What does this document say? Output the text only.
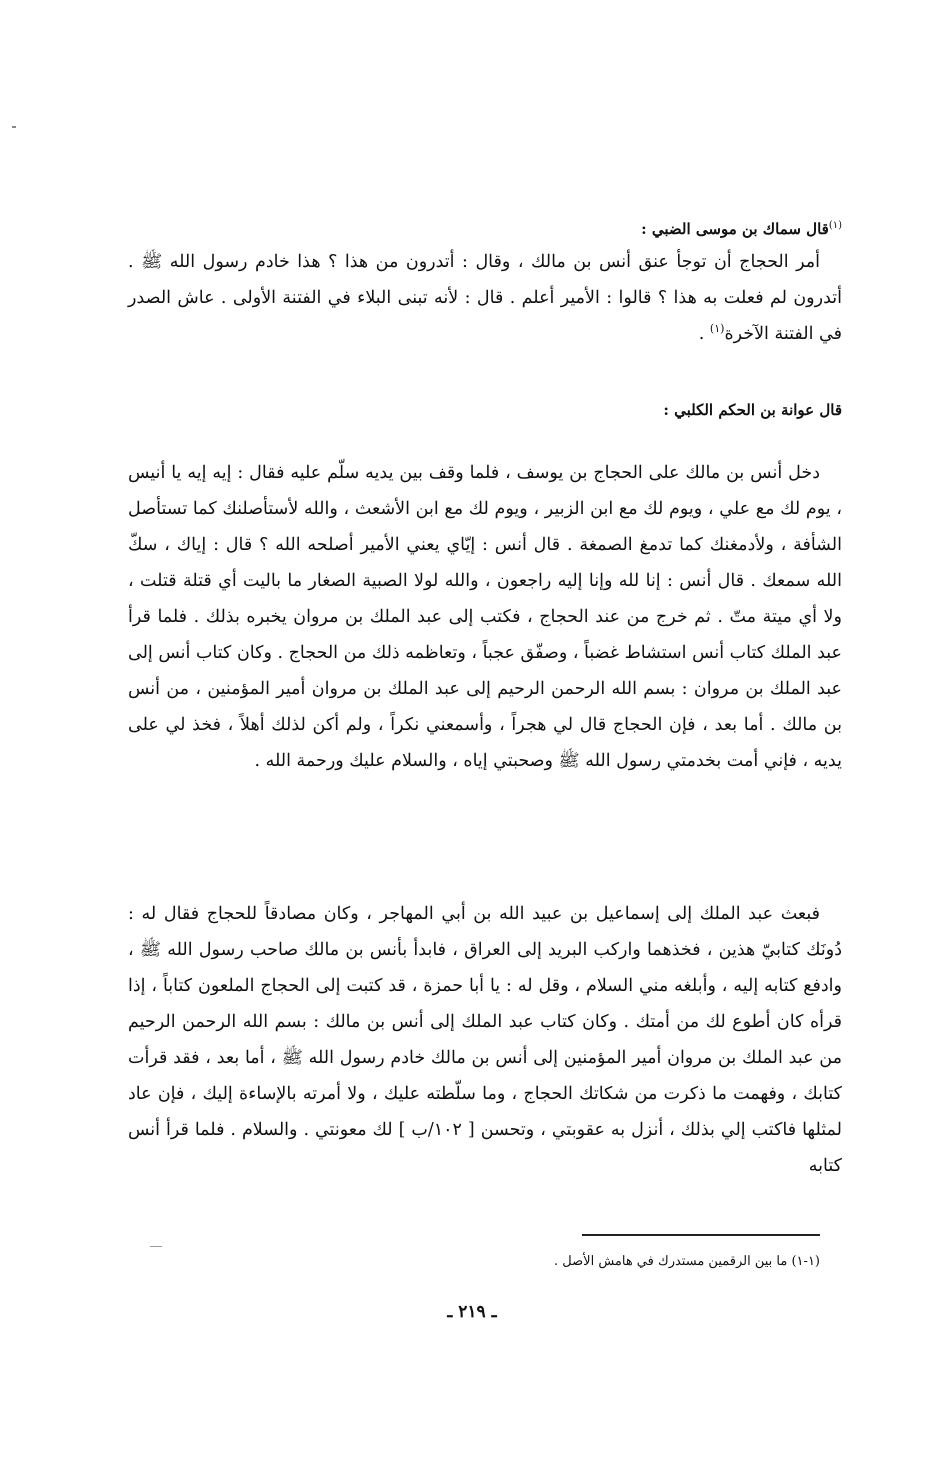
$^{(١)}$قال سماك بن موسى الضبي :

أمر الحجاج أن توجأ عنق أنس بن مالك ، وقال : أتدرون من هذا ؟ هذا خادم رسول الله ﷺ . أتدرون لم فعلت به هذا ؟ قالوا : الأمير أعلم . قال : لأنه تبنى البلاء في الفتنة الأولى . عاش الصدر في الفتنة الآخرة$^{(١)}$ .

قال عوانة بن الحكم الكلبي :

دخل أنس بن مالك على الحجاج بن يوسف ، فلما وقف بين يديه سلّم عليه فقال : إيه إيه يا أنيس ، يوم لك مع علي ، ويوم لك مع ابن الزبير ، ويوم لك مع ابن الأشعث ، والله لأستأصلنك كما تستأصل الشأفة ، ولأدمغنك كما تدمغ الصمغة . قال أنس : إيّاي يعني الأمير أصلحه الله ؟ قال : إياك ، سكّ الله سمعك . قال أنس : إنا لله وإنا إليه راجعون ، والله لولا الصبية الصغار ما باليت أي قتلة قتلت ، ولا أي ميتة متّ . ثم خرج من عند الحجاج ، فكتب إلى عبد الملك بن مروان يخبره بذلك . فلما قرأ عبد الملك كتاب أنس استشاط غضباً ، وصفّق عجباً ، وتعاظمه ذلك من الحجاج . وكان كتاب أنس إلى عبد الملك بن مروان : بسم الله الرحمن الرحيم إلى عبد الملك بن مروان أمير المؤمنين ، من أنس بن مالك . أما بعد ، فإن الحجاج قال لي هجراً ، وأسمعني نكراً ، ولم أكن لذلك أهلاً ، فخذ لي على يديه ، فإني أمت بخدمتي رسول الله ﷺ وصحبتي إياه ، والسلام عليك ورحمة الله .

فبعث عبد الملك إلى إسماعيل بن عبيد الله بن أبي المهاجر ، وكان مصادقاً للحجاج فقال له : دُونَك كتابيّ هذين ، فخذهما واركب البريد إلى العراق ، فابدأ بأنس بن مالك صاحب رسول الله ﷺ ، وادفع كتابه إليه ، وأبلغه مني السلام ، وقل له : يا أبا حمزة ، قد كتبت إلى الحجاج الملعون كتاباً ، إذا قرأه كان أطوع لك من أمتك . وكان كتاب عبد الملك إلى أنس بن مالك : بسم الله الرحمن الرحيم من عبد الملك بن مروان أمير المؤمنين إلى أنس بن مالك خادم رسول الله ﷺ ، أما بعد ، فقد قرأت كتابك ، وفهمت ما ذكرت من شكاتك الحجاج ، وما سلّطته عليك ، ولا أمرته بالإساءة إليك ، فإن عاد لمثلها فاكتب إلي بذلك ، أنزل به عقوبتي ، وتحسن [ ١٠٢/ب ] لك معونتي . والسلام . فلما قرأ أنس كتابه

(١-١) ما بين الرقمين مستدرك في هامش الأصل .
ـ ٢١٩ ـ
